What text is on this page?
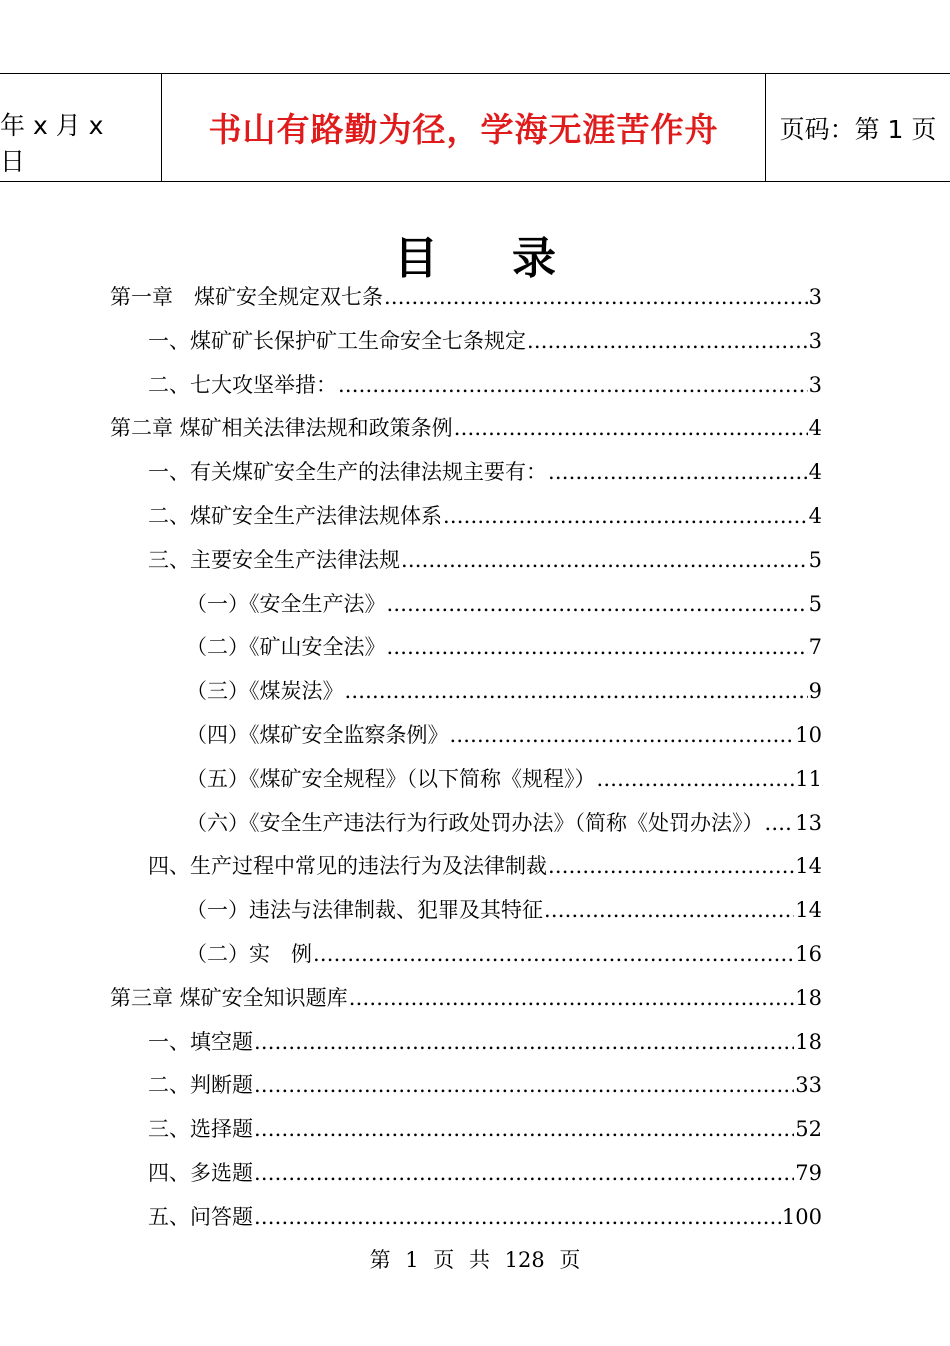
年 x 月 x 日
书山有路勤为径，学海无涯苦作舟	页码：第 1 页
目录
第一章　煤矿安全规定双七条 .....	3
一、煤矿矿长保护矿工生命安全七条规定 .....	3
二、七大攻坚举措： .....	3
第二章 煤矿相关法律法规和政策条例 .....	4
一、有关煤矿安全生产的法律法规主要有： .....	4
二、煤矿安全生产法律法规体系 .....	4
三、主要安全生产法律法规 .....	5
（一）《安全生产法》 .....	5
（二）《矿山安全法》 .....	7
（三）《煤炭法》 .....	9
（四）《煤矿安全监察条例》 .....	10
（五）《煤矿安全规程》（以下简称《规程》） .....	11
（六）《安全生产违法行为行政处罚办法》（简称《处罚办法》） ..... 13
四、生产过程中常见的违法行为及法律制裁 .....	14
（一）违法与法律制裁、犯罪及其特征 .....	14
（二）实　例 .....	16
第三章 煤矿安全知识题库 .....	18
一、填空题 .....	18
二、判断题 .....	33
三、选择题 .....	52
四、多选题 .....	79
五、问答题 .....	100
第 1 页 共 128 页
